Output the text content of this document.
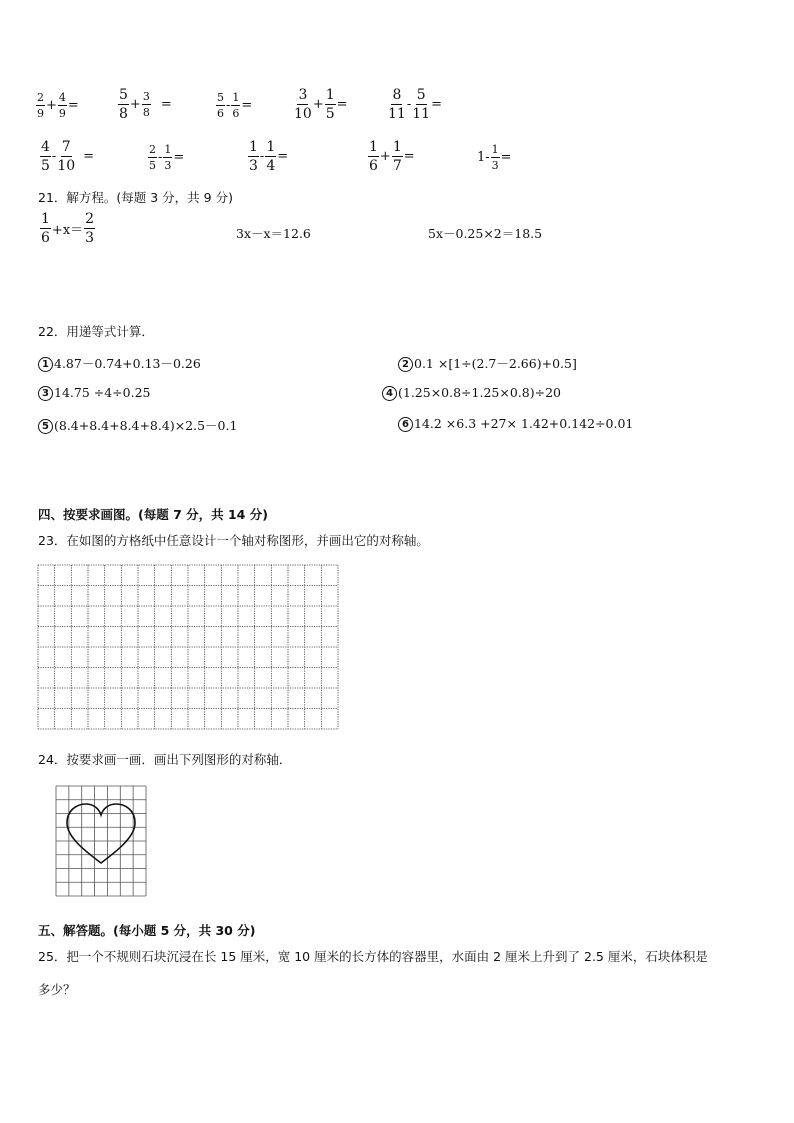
$\frac{2}{9} + \frac{4}{9}$ =	$\frac{5}{8} + \frac{3}{8}$ =	$\frac{5}{6} - \frac{1}{6}$ =	$\frac{3}{10} + \frac{1}{5}$ =	$\frac{8}{11} - \frac{5}{11}$ =
$\frac{4}{5} - \frac{7}{10}$ =	$\frac{2}{5} - \frac{1}{3}$ =	$\frac{1}{3} - \frac{1}{4}$ =	$\frac{1}{6} + \frac{1}{7}$ =	$1- \frac{1}{3}$ =
21．解方程。(每题 3 分，共 9 分)
$\frac{1}{6} +x= \frac{2}{3}$	3x－x＝12.6	5x－0.25×2＝18.5
22．用递等式计算．
1 4.87－0.74+0.13－0.26	2 0.1 ×[1÷(2.7－2.66)+0.5]
3 14.75 ÷4÷0.25	4 (1.25×0.8÷1.25×0.8)÷20
5 (8.4+8.4+8.4+8.4)×2.5－0.1	6 14.2 ×6.3 +27× 1.42+0.142÷0.01
四、按要求画图。(每题 7 分，共 14 分)
23．在如图的方格纸中任意设计一个轴对称图形，并画出它的对称轴。
24．按要求画一画．画出下列图形的对称轴．
五、解答题。(每小题 5 分，共 30 分)
25．把一个不规则石块沉浸在长 15 厘米，宽 10 厘米的长方体的容器里，水面由 2 厘米上升到了 2.5 厘米，石块体积是
多少？
